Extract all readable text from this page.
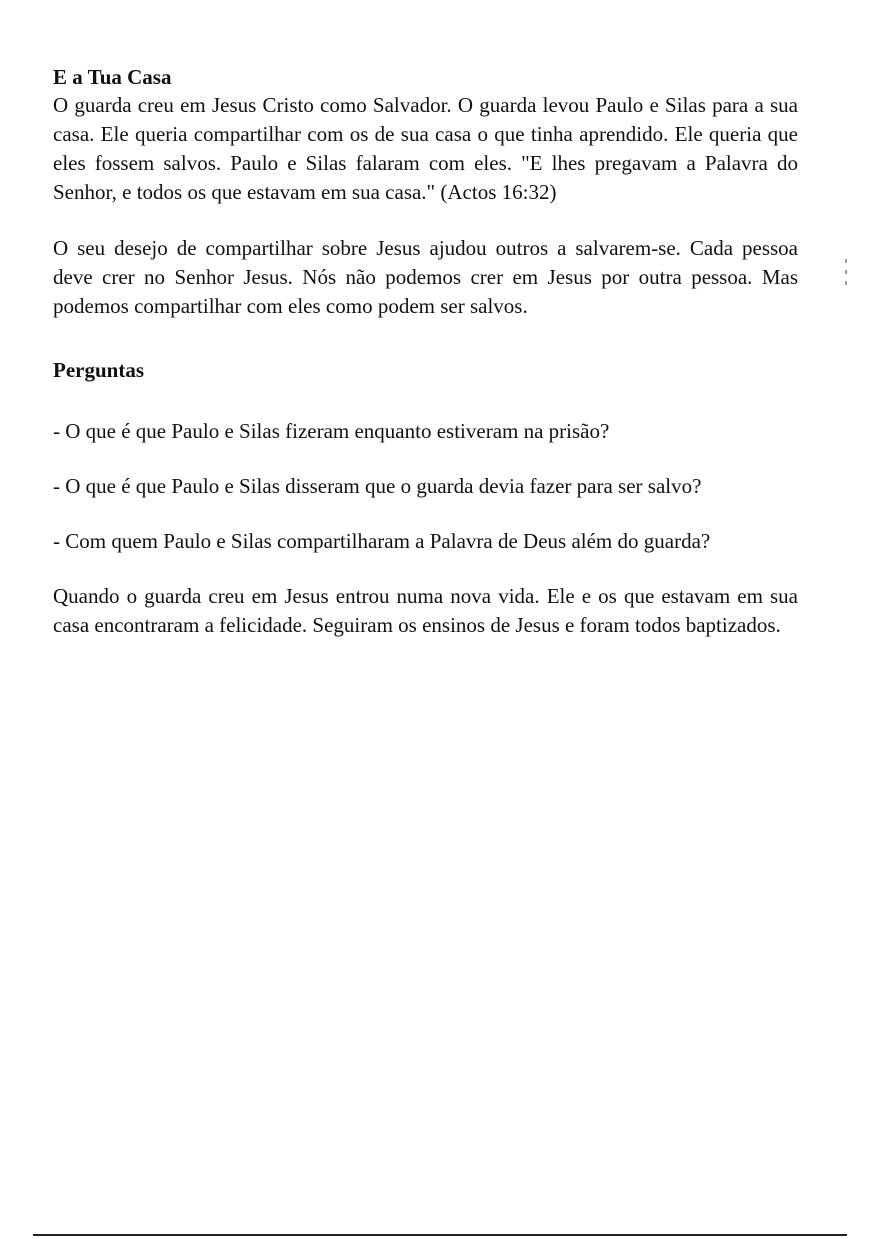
E a Tua Casa

O guarda creu em Jesus Cristo como Salvador. O guarda levou Paulo e Silas para a sua casa. Ele queria compartilhar com os de sua casa o que tinha aprendido. Ele queria que eles fossem salvos. Paulo e Silas falaram com eles. "E lhes pregavam a Palavra do Senhor, e todos os que estavam em sua casa." (Actos 16:32)

O seu desejo de compartilhar sobre Jesus ajudou outros a salvarem-se. Cada pessoa deve crer no Senhor Jesus. Nós não podemos crer em Jesus por outra pessoa. Mas podemos compartilhar com eles como podem ser salvos.

Perguntas

- O que é que Paulo e Silas fizeram enquanto estiveram na prisão?

- O que é que Paulo e Silas disseram que o guarda devia fazer para ser salvo?

- Com quem Paulo e Silas compartilharam a Palavra de Deus além do guarda?

Quando o guarda creu em Jesus entrou numa nova vida. Ele e os que estavam em sua casa encontraram a felicidade. Seguiram os ensinos de Jesus e foram todos baptizados.
